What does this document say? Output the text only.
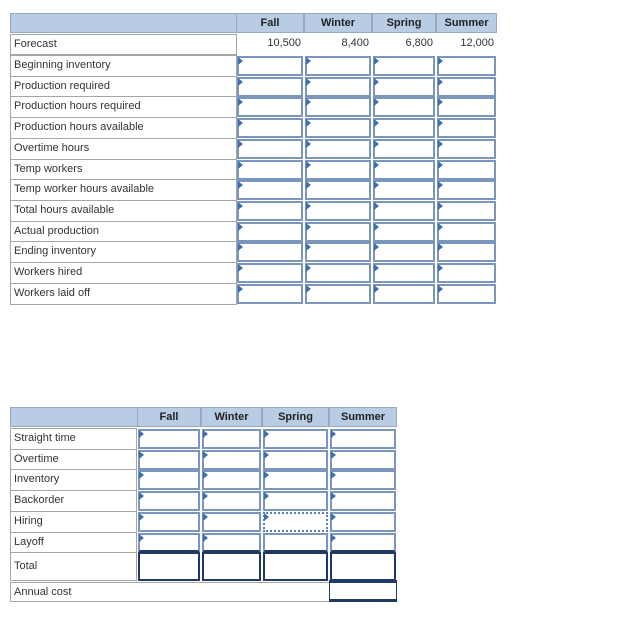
Fall	Winter	Spring	Summer
Forecast	10,500	8,400	6,800	12,000
Beginning inventory
Production required
Production hours required
Production hours available
Overtime hours
Temp workers
Temp worker hours available
Total hours available
Actual production
Ending inventory
Workers hired
Workers laid off
Fall	Winter	Spring	Summer
Straight time
Overtime
Inventory
Backorder
Hiring
Layoff
Total
Annual cost
